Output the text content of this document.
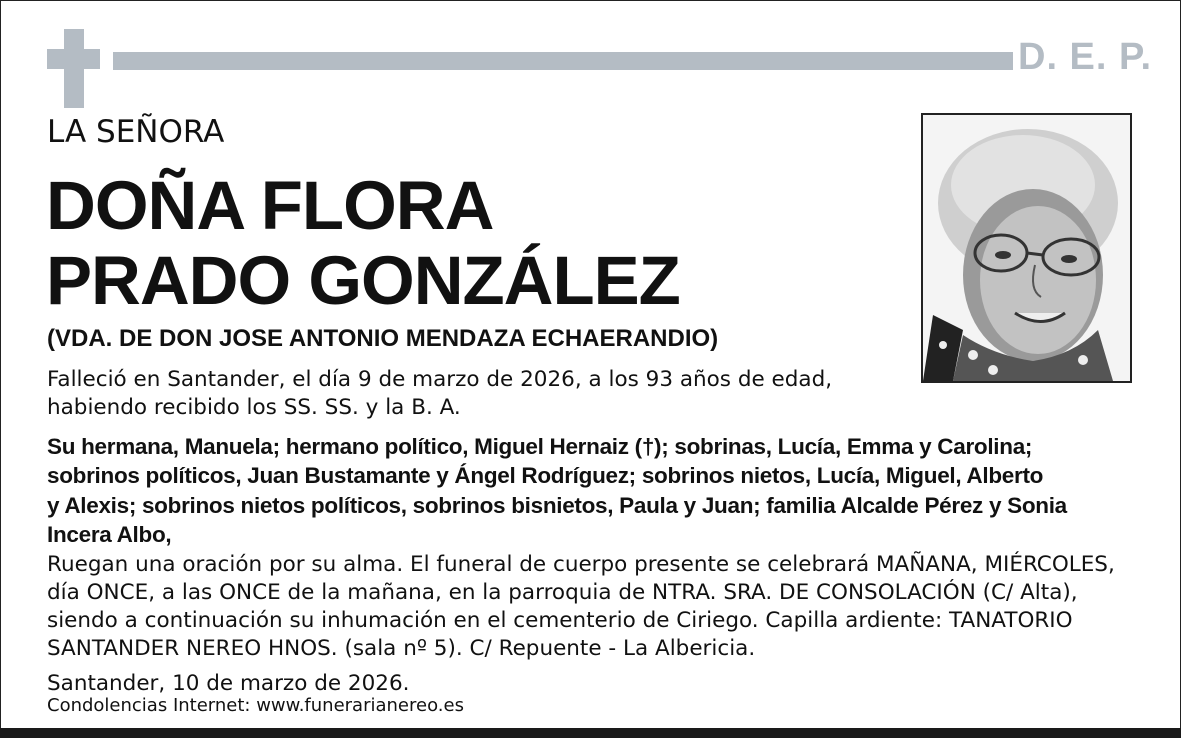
D. E. P.
LA SEÑORA
DOÑA FLORA
PRADO GONZÁLEZ
(VDA. DE DON JOSE ANTONIO MENDAZA ECHAERANDIO)
Falleció en Santander, el día 9 de marzo de 2026, a los 93 años de edad,
habiendo recibido los SS. SS. y la B. A.
Su hermana, Manuela; hermano político, Miguel Hernaiz (†); sobrinas, Lucía, Emma y Carolina;
sobrinos políticos, Juan Bustamante y Ángel Rodríguez; sobrinos nietos, Lucía, Miguel, Alberto
y Alexis; sobrinos nietos políticos, sobrinos bisnietos, Paula y Juan; familia Alcalde Pérez y Sonia
Incera Albo,
Ruegan una oración por su alma. El funeral de cuerpo presente se celebrará MAÑANA, MIÉRCOLES,
día ONCE, a las ONCE de la mañana, en la parroquia de NTRA. SRA. DE CONSOLACIÓN (C/ Alta),
siendo a continuación su inhumación en el cementerio de Ciriego. Capilla ardiente: TANATORIO
SANTANDER NEREO HNOS. (sala nº 5). C/ Repuente - La Albericia.
Santander, 10 de marzo de 2026.
Condolencias Internet: www.funerarianereo.es
